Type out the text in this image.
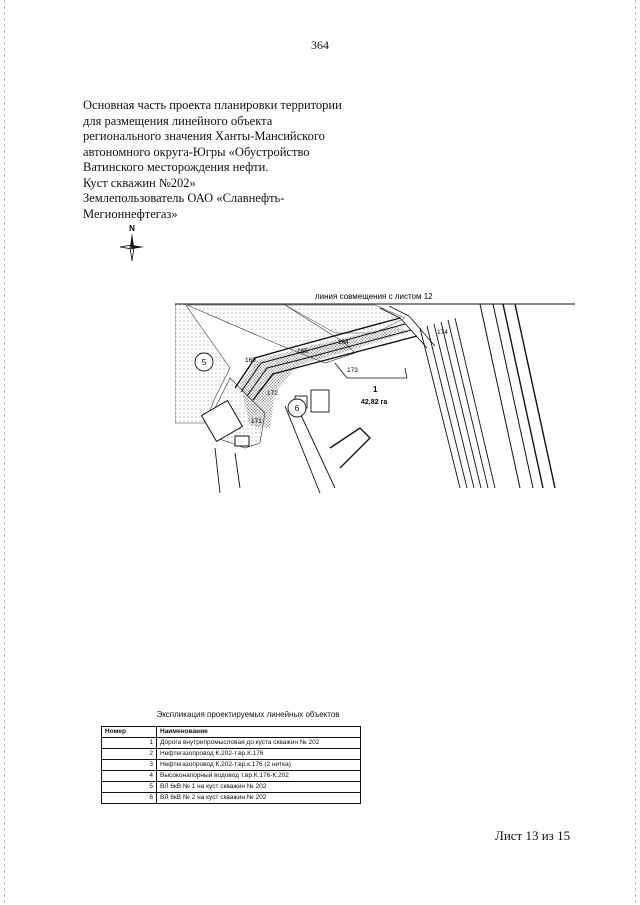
364
Основная часть проекта планировки территории
для размещения линейного объекта
регионального значения Ханты-Мансийского
автономного округа-Югры «Обустройство
Ватинского месторождения нефти.
Куст скважин №202»
Землепользователь ОАО «Славнефть-
Мегионнефтегаз»
N
линия совмещения с листом 12
1
42,82 га
5
6
169
165
164
174
173
172
171
Экспликация проектируемых линейных объектов
Номер	Наименование
1	Дорога внутрипромысловая до куста скважин № 202
2	Нефтегазопровод К.202-т.вр.К.176
3	Нефтегазопровод К.202-т.вр.к.176 (2 нитка)
4	Высоконапорный водовод т.вр.К.176-К.202
5	ВЛ 6кВ № 1 на куст скважин № 202
6	ВЛ 6кВ № 2 на куст скважин № 202
Лист 13 из 15
